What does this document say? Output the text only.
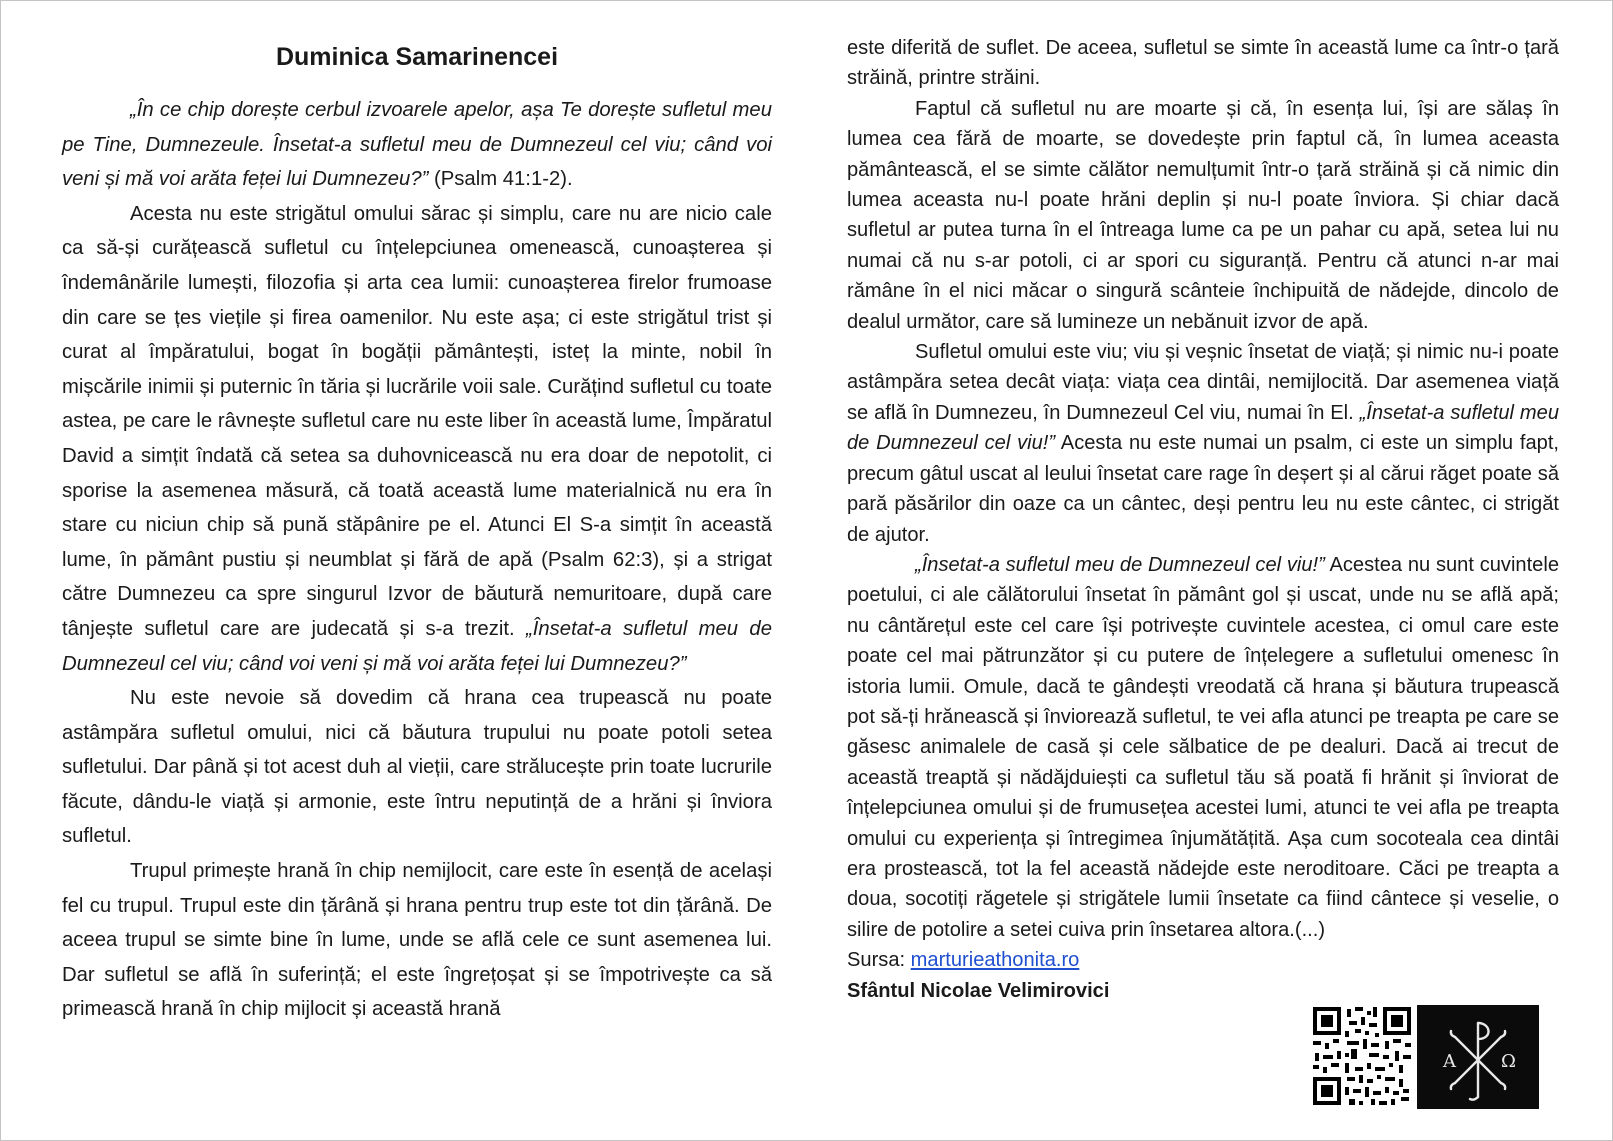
Duminica Samarinencei

„În ce chip dorește cerbul izvoarele apelor, așa Te dorește sufletul meu pe Tine, Dumnezeule. Însetat-a sufletul meu de Dumnezeul cel viu; când voi veni și mă voi arăta feței lui Dumnezeu?” (Psalm 41:1-2).

Acesta nu este strigătul omului sărac și simplu, care nu are nicio cale ca să-și curățească sufletul cu înțelepciunea omenească, cunoașterea și îndemânările lumești, filozofia și arta cea lumii: cunoașterea firelor frumoase din care se țes viețile și firea oamenilor. Nu este așa; ci este strigătul trist și curat al împăratului, bogat în bogății pământești, isteț la minte, nobil în mișcările inimii și puternic în tăria și lucrările voii sale. Curățind sufletul cu toate astea, pe care le râvnește sufletul care nu este liber în această lume, Împăratul David a simțit îndată că setea sa duhovnicească nu era doar de nepotolit, ci sporise la asemenea măsură, că toată această lume materialnică nu era în stare cu niciun chip să pună stăpânire pe el. Atunci El S-a simțit în această lume, în pământ pustiu și neumblat și fără de apă (Psalm 62:3), și a strigat către Dumnezeu ca spre singurul Izvor de băutură nemuritoare, după care tânjește sufletul care are judecată și s-a trezit. „Însetat-a sufletul meu de Dumnezeul cel viu; când voi veni și mă voi arăta feței lui Dumnezeu?”

Nu este nevoie să dovedim că hrana cea trupească nu poate astâmpăra sufletul omului, nici că băutura trupului nu poate potoli setea sufletului. Dar până și tot acest duh al vieții, care strălucește prin toate lucrurile făcute, dându-le viață și armonie, este întru neputință de a hrăni și înviora sufletul.

Trupul primește hrană în chip nemijlocit, care este în esență de același fel cu trupul. Trupul este din țărână și hrana pentru trup este tot din țărână. De aceea trupul se simte bine în lume, unde se află cele ce sunt asemenea lui. Dar sufletul se află în suferință; el este îngrețoșat și se împotrivește ca să primească hrană în chip mijlocit și această hrană

este diferită de suflet. De aceea, sufletul se simte în această lume ca într-o țară străină, printre străini.

Faptul că sufletul nu are moarte și că, în esența lui, își are sălaș în lumea cea fără de moarte, se dovedește prin faptul că, în lumea aceasta pământească, el se simte călător nemulțumit într-o țară străină și că nimic din lumea aceasta nu-l poate hrăni deplin și nu-l poate înviora. Și chiar dacă sufletul ar putea turna în el întreaga lume ca pe un pahar cu apă, setea lui nu numai că nu s-ar potoli, ci ar spori cu siguranță. Pentru că atunci n-ar mai rămâne în el nici măcar o singură scânteie închipuită de nădejde, dincolo de dealul următor, care să lumineze un nebănuit izvor de apă.

Sufletul omului este viu; viu și veșnic însetat de viață; și nimic nu-i poate astâmpăra setea decât viața: viața cea dintâi, nemijlocită. Dar asemenea viață se află în Dumnezeu, în Dumnezeul Cel viu, numai în El. „Însetat-a sufletul meu de Dumnezeul cel viu!” Acesta nu este numai un psalm, ci este un simplu fapt, precum gâtul uscat al leului însetat care rage în deșert și al cărui răget poate să pară păsărilor din oaze ca un cântec, deși pentru leu nu este cântec, ci strigăt de ajutor.

„Însetat-a sufletul meu de Dumnezeul cel viu!” Acestea nu sunt cuvintele poetului, ci ale călătorului însetat în pământ gol și uscat, unde nu se află apă; nu cântărețul este cel care își potrivește cuvintele acestea, ci omul care este poate cel mai pătrunzător și cu putere de înțelegere a sufletului omenesc în istoria lumii. Omule, dacă te gândești vreodată că hrana și băutura trupească pot să-ți hrănească și înviorează sufletul, te vei afla atunci pe treapta pe care se găsesc animalele de casă și cele sălbatice de pe dealuri. Dacă ai trecut de această treaptă și nădăjduiești ca sufletul tău să poată fi hrănit și înviorat de înțelepciunea omului și de frumusețea acestei lumi, atunci te vei afla pe treapta omului cu experiența și întregimea înjumătățită. Așa cum socoteala cea dintâi era prostească, tot la fel această nădejde este neroditoare. Căci pe treapta a doua, socotiți răgetele și strigătele lumii însetate ca fiind cântece și veselie, o silire de potolire a setei cuiva prin însetarea altora.(...)

Sursa: marturieathonita.ro

Sfântul Nicolae Velimirovici

Α	Ω
